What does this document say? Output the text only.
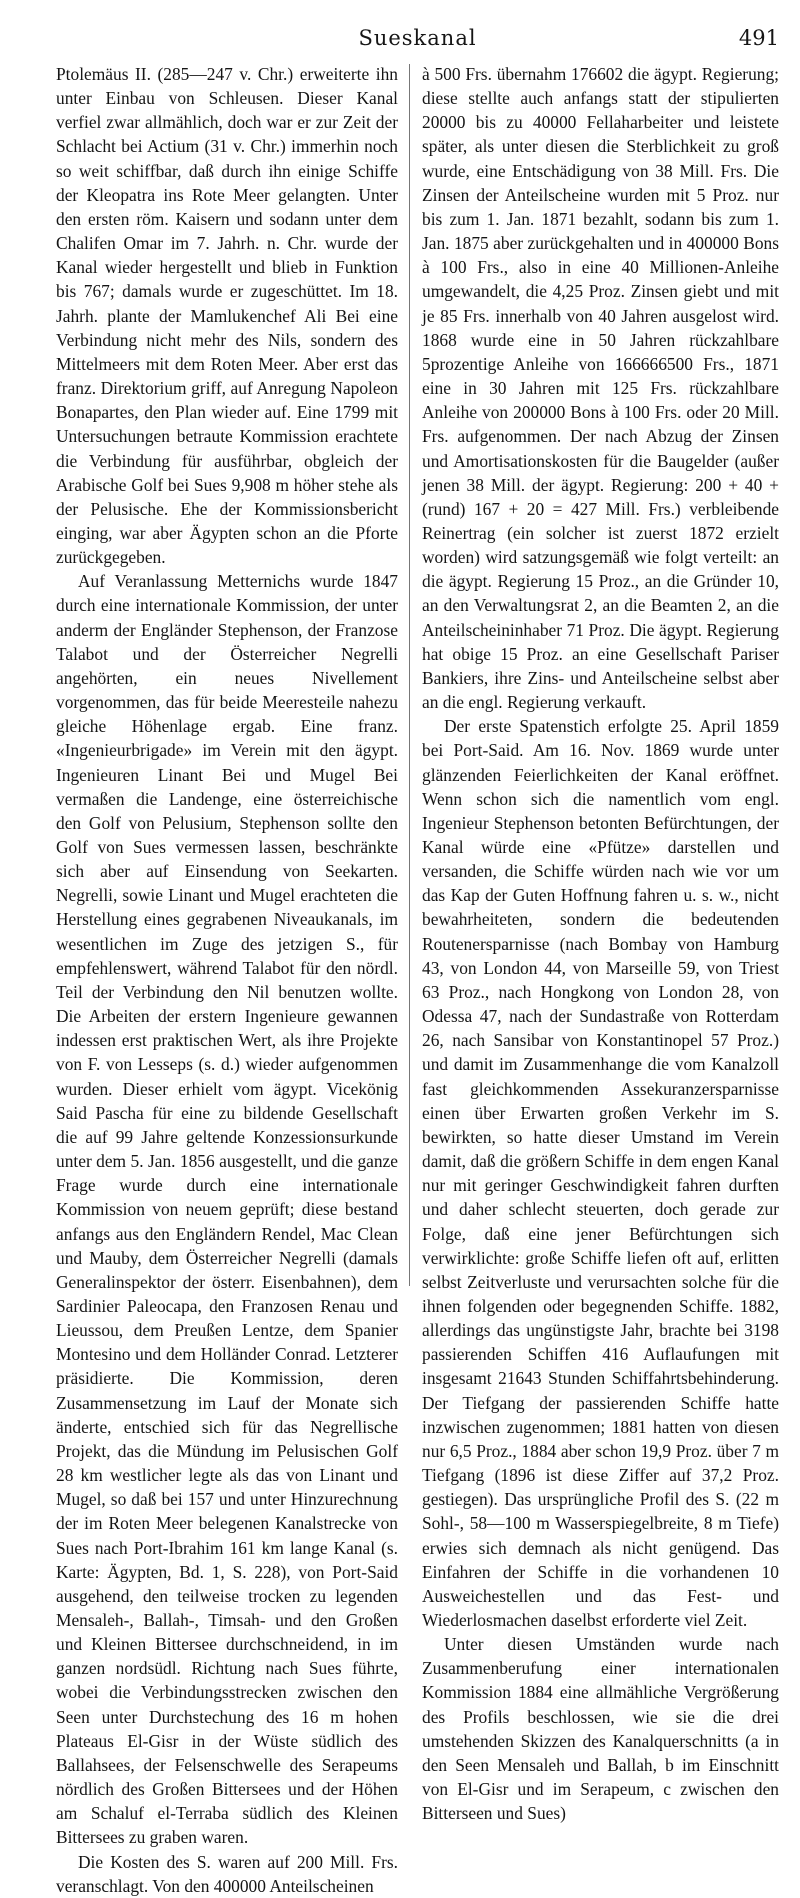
Sueskanal	491

Ptolemäus II. (285—247 v. Chr.) erweiterte ihn unter Einbau von Schleusen. Dieser Kanal verfiel zwar allmählich, doch war er zur Zeit der Schlacht bei Actium (31 v. Chr.) immerhin noch so weit schiffbar, daß durch ihn einige Schiffe der Kleopatra ins Rote Meer gelangten. Unter den ersten röm. Kaisern und sodann unter dem Chalifen Omar im 7. Jahrh. n. Chr. wurde der Kanal wieder hergestellt und blieb in Funktion bis 767; damals wurde er zugeschüttet. Im 18. Jahrh. plante der Mamlukenchef Ali Bei eine Verbindung nicht mehr des Nils, sondern des Mittelmeers mit dem Roten Meer. Aber erst das franz. Direktorium griff, auf Anregung Napoleon Bonapartes, den Plan wieder auf. Eine 1799 mit Untersuchungen betraute Kommission erachtete die Verbindung für ausführbar, obgleich der Arabische Golf bei Sues 9,908 m höher stehe als der Pelusische. Ehe der Kommissionsbericht einging, war aber Ägypten schon an die Pforte zurückgegeben.

Auf Veranlassung Metternichs wurde 1847 durch eine internationale Kommission, der unter anderm der Engländer Stephenson, der Franzose Talabot und der Österreicher Negrelli angehörten, ein neues Nivellement vorgenommen, das für beide Meeresteile nahezu gleiche Höhenlage ergab. Eine franz. «Ingenieurbrigade» im Verein mit den ägypt. Ingenieuren Linant Bei und Mugel Bei vermaßen die Landenge, eine österreichische den Golf von Pelusium, Stephenson sollte den Golf von Sues vermessen lassen, beschränkte sich aber auf Einsendung von Seekarten. Negrelli, sowie Linant und Mugel erachteten die Herstellung eines gegrabenen Niveaukanals, im wesentlichen im Zuge des jetzigen S., für empfehlenswert, während Talabot für den nördl. Teil der Verbindung den Nil benutzen wollte. Die Arbeiten der erstern Ingenieure gewannen indessen erst praktischen Wert, als ihre Projekte von F. von Lesseps (s. d.) wieder aufgenommen wurden. Dieser erhielt vom ägypt. Vicekönig Said Pascha für eine zu bildende Gesellschaft die auf 99 Jahre geltende Konzessionsurkunde unter dem 5. Jan. 1856 ausgestellt, und die ganze Frage wurde durch eine internationale Kommission von neuem geprüft; diese bestand anfangs aus den Engländern Rendel, Mac Clean und Mauby, dem Österreicher Negrelli (damals Generalinspektor der österr. Eisenbahnen), dem Sardinier Paleocapa, den Franzosen Renau und Lieussou, dem Preußen Lentze, dem Spanier Montesino und dem Holländer Conrad. Letzterer präsidierte. Die Kommission, deren Zusammensetzung im Lauf der Monate sich änderte, entschied sich für das Negrellische Projekt, das die Mündung im Pelusischen Golf 28 km westlicher legte als das von Linant und Mugel, so daß bei 157 und unter Hinzurechnung der im Roten Meer belegenen Kanalstrecke von Sues nach Port-Ibrahim 161 km lange Kanal (s. Karte: Ägypten, Bd. 1, S. 228), von Port-Said ausgehend, den teilweise trocken zu legenden Mensaleh-, Ballah-, Timsah- und den Großen und Kleinen Bittersee durchschneidend, in im ganzen nordsüdl. Richtung nach Sues führte, wobei die Verbindungsstrecken zwischen den Seen unter Durchstechung des 16 m hohen Plateaus El-Gisr in der Wüste südlich des Ballahsees, der Felsenschwelle des Serapeums nördlich des Großen Bittersees und der Höhen am Schaluf el-Terraba südlich des Kleinen Bittersees zu graben waren.

Die Kosten des S. waren auf 200 Mill. Frs. veranschlagt. Von den 400000 Anteilscheinen

à 500 Frs. übernahm 176602 die ägypt. Regierung; diese stellte auch anfangs statt der stipulierten 20000 bis zu 40000 Fellaharbeiter und leistete später, als unter diesen die Sterblichkeit zu groß wurde, eine Entschädigung von 38 Mill. Frs. Die Zinsen der Anteilscheine wurden mit 5 Proz. nur bis zum 1. Jan. 1871 bezahlt, sodann bis zum 1. Jan. 1875 aber zurückgehalten und in 400000 Bons à 100 Frs., also in eine 40 Millionen-Anleihe umgewandelt, die 4,25 Proz. Zinsen giebt und mit je 85 Frs. innerhalb von 40 Jahren ausgelost wird. 1868 wurde eine in 50 Jahren rückzahlbare 5prozentige Anleihe von 166666500 Frs., 1871 eine in 30 Jahren mit 125 Frs. rückzahlbare Anleihe von 200000 Bons à 100 Frs. oder 20 Mill. Frs. aufgenommen. Der nach Abzug der Zinsen und Amortisationskosten für die Baugelder (außer jenen 38 Mill. der ägypt. Regierung: 200 + 40 + (rund) 167 + 20 = 427 Mill. Frs.) verbleibende Reinertrag (ein solcher ist zuerst 1872 erzielt worden) wird satzungsgemäß wie folgt verteilt: an die ägypt. Regierung 15 Proz., an die Gründer 10, an den Verwaltungsrat 2, an die Beamten 2, an die Anteilscheininhaber 71 Proz. Die ägypt. Regierung hat obige 15 Proz. an eine Gesellschaft Pariser Bankiers, ihre Zins- und Anteilscheine selbst aber an die engl. Regierung verkauft.

Der erste Spatenstich erfolgte 25. April 1859 bei Port-Said. Am 16. Nov. 1869 wurde unter glänzenden Feierlichkeiten der Kanal eröffnet. Wenn schon sich die namentlich vom engl. Ingenieur Stephenson betonten Befürchtungen, der Kanal würde eine «Pfütze» darstellen und versanden, die Schiffe würden nach wie vor um das Kap der Guten Hoffnung fahren u. s. w., nicht bewahrheiteten, sondern die bedeutenden Routenersparnisse (nach Bombay von Hamburg 43, von London 44, von Marseille 59, von Triest 63 Proz., nach Hongkong von London 28, von Odessa 47, nach der Sundastraße von Rotterdam 26, nach Sansibar von Konstantinopel 57 Proz.) und damit im Zusammenhange die vom Kanalzoll fast gleichkommenden Assekuranzersparnisse einen über Erwarten großen Verkehr im S. bewirkten, so hatte dieser Umstand im Verein damit, daß die größern Schiffe in dem engen Kanal nur mit geringer Geschwindigkeit fahren durften und daher schlecht steuerten, doch gerade zur Folge, daß eine jener Befürchtungen sich verwirklichte: große Schiffe liefen oft auf, erlitten selbst Zeitverluste und verursachten solche für die ihnen folgenden oder begegnenden Schiffe. 1882, allerdings das ungünstigste Jahr, brachte bei 3198 passierenden Schiffen 416 Auflaufungen mit insgesamt 21643 Stunden Schiffahrtsbehinderung. Der Tiefgang der passierenden Schiffe hatte inzwischen zugenommen; 1881 hatten von diesen nur 6,5 Proz., 1884 aber schon 19,9 Proz. über 7 m Tiefgang (1896 ist diese Ziffer auf 37,2 Proz. gestiegen). Das ursprüngliche Profil des S. (22 m Sohl-, 58—100 m Wasserspiegelbreite, 8 m Tiefe) erwies sich demnach als nicht genügend. Das Einfahren der Schiffe in die vorhandenen 10 Ausweichestellen und das Fest- und Wiederlosmachen daselbst erforderte viel Zeit.

Unter diesen Umständen wurde nach Zusammenberufung einer internationalen Kommission 1884 eine allmähliche Vergrößerung des Profils beschlossen, wie sie die drei umstehenden Skizzen des Kanalquerschnitts (a in den Seen Mensaleh und Ballah, b im Einschnitt von El-Gisr und im Serapeum, c zwischen den Bitterseen und Sues)
